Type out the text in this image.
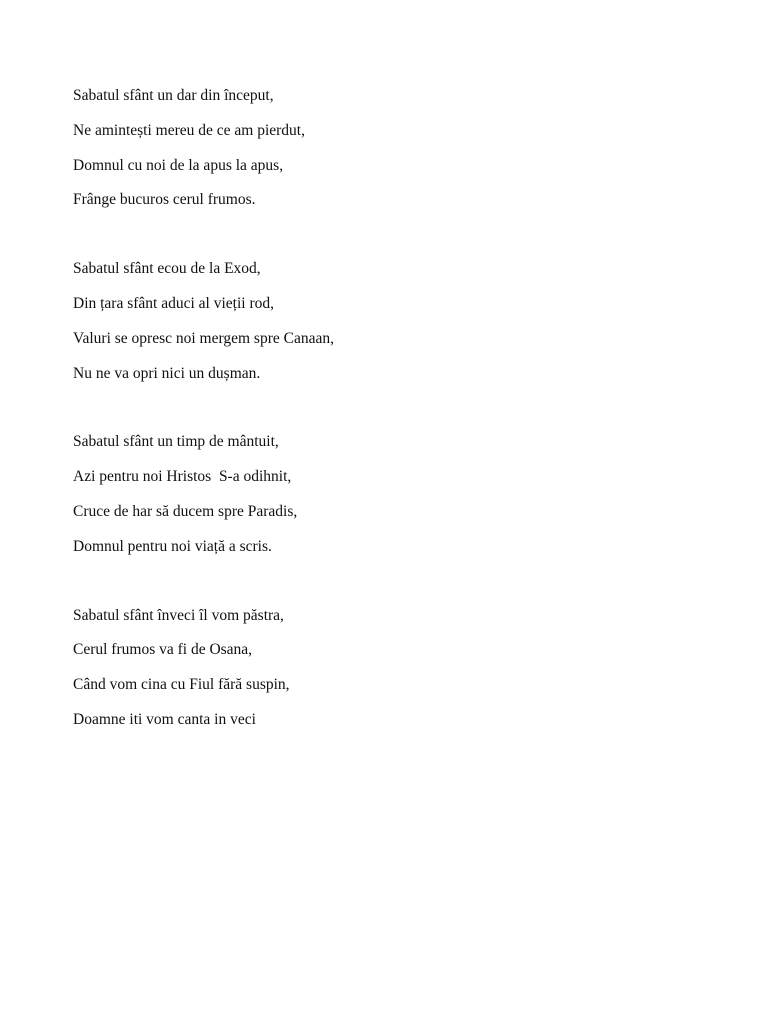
Sabatul sfânt un dar din început,
Ne amintești mereu de ce am pierdut,
Domnul cu noi de la apus la apus,
Frânge bucuros cerul frumos.
Sabatul sfânt ecou de la Exod,
Din țara sfânt aduci al vieții rod,
Valuri se opresc noi mergem spre Canaan,
Nu ne va opri nici un dușman.
Sabatul sfânt un timp de mântuit,
Azi pentru noi Hristos  S-a odihnit,
Cruce de har să ducem spre Paradis,
Domnul pentru noi viață a scris.
Sabatul sfânt înveci îl vom păstra,
Cerul frumos va fi de Osana,
Când vom cina cu Fiul fără suspin,
Doamne iti vom canta in veci
